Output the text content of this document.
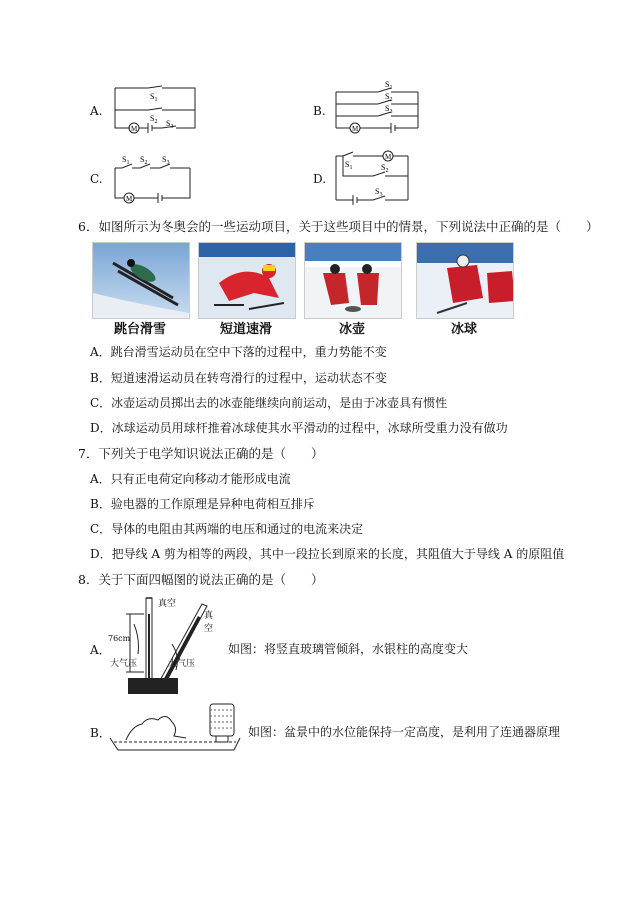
A.
$S_1$
$S_2$ $S_3$
M
B.
$S_1$
$S_2$
$S_3$
M
C.
$S_1$ $S_2$ $S_3$
M
D.
$S_1$	$S_2$
$S_3$
M
6．如图所示为冬奥会的一些运动项目，关于这些项目中的情景，下列说法中正确的是（　　）
跳台滑雪	短道速滑	冰壶	冰球
A．跳台滑雪运动员在空中下落的过程中，重力势能不变
B．短道速滑运动员在转弯滑行的过程中，运动状态不变
C．冰壶运动员掷出去的冰壶能继续向前运动，是由于冰壶具有惯性
D．冰球运动员用球杆推着冰球使其水平滑动的过程中，冰球所受重力没有做功
7．下列关于电学知识说法正确的是（　　）
A．只有正电荷定向移动才能形成电流
B．验电器的工作原理是异种电荷相互排斥
C．导体的电阻由其两端的电压和通过的电流来决定
D．把导线 A 剪为相等的两段，其中一段拉长到原来的长度，其阻值大于导线 A 的原阻值
8．关于下面四幅图的说法正确的是（　　）
A．
真空
真空
76cm
大气压	大气压
如图：将竖直玻璃管倾斜，水银柱的高度变大
B．	如图：盆景中的水位能保持一定高度，是利用了连通器原理
